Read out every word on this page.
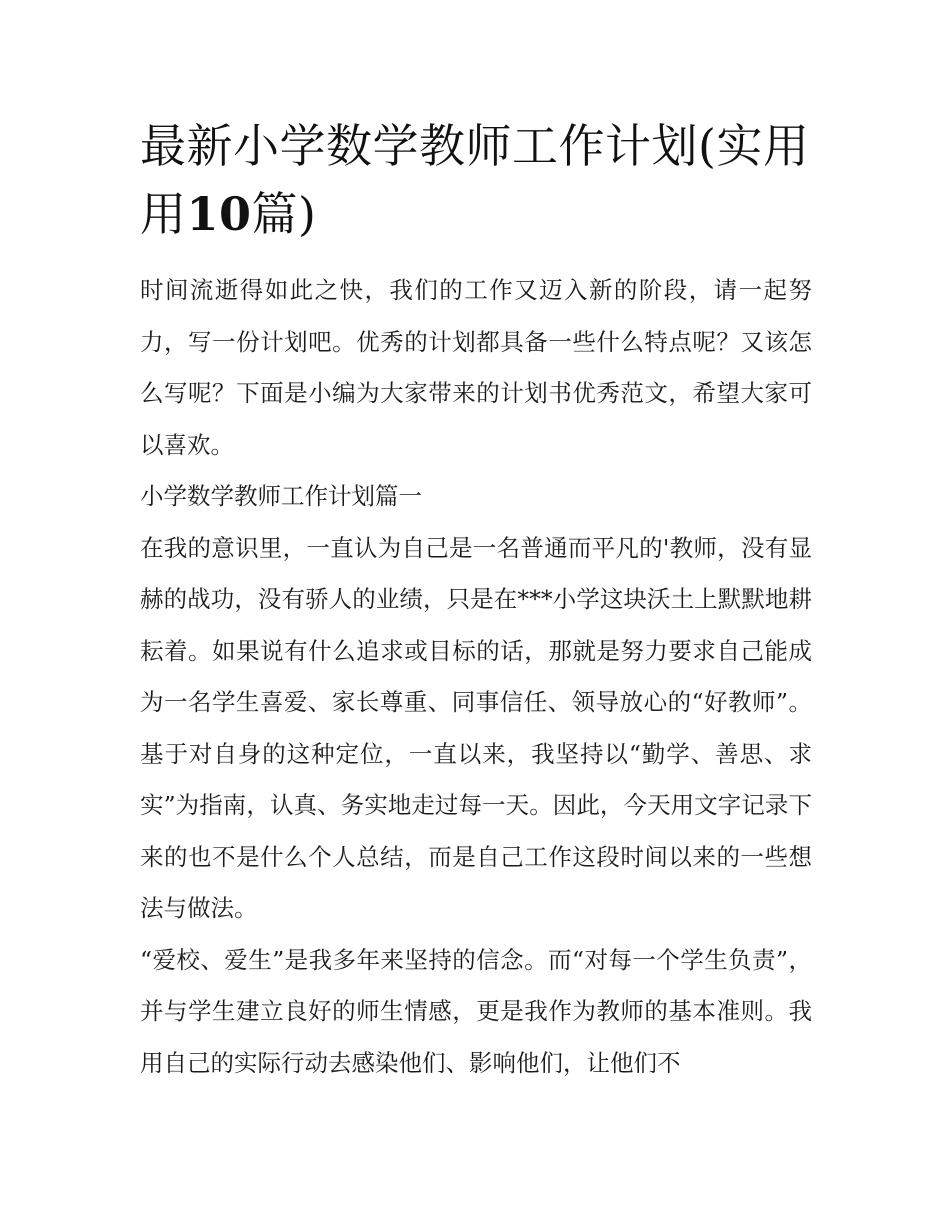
最新小学数学教师工作计划(实用
用10篇)

时间流逝得如此之快，我们的工作又迈入新的阶段，请一起努力，写一份计划吧。优秀的计划都具备一些什么特点呢？又该怎么写呢？下面是小编为大家带来的计划书优秀范文，希望大家可以喜欢。

小学数学教师工作计划篇一

在我的意识里，一直认为自己是一名普通而平凡的'教师，没有显赫的战功，没有骄人的业绩，只是在***小学这块沃土上默默地耕耘着。如果说有什么追求或目标的话，那就是努力要求自己能成为一名学生喜爱、家长尊重、同事信任、领导放心的“好教师”。基于对自身的这种定位，一直以来，我坚持以“勤学、善思、求实”为指南，认真、务实地走过每一天。因此，今天用文字记录下来的也不是什么个人总结，而是自己工作这段时间以来的一些想法与做法。

“爱校、爱生”是我多年来坚持的信念。而“对每一个学生负责”，并与学生建立良好的师生情感，更是我作为教师的基本准则。我用自己的实际行动去感染他们、影响他们，让他们不
